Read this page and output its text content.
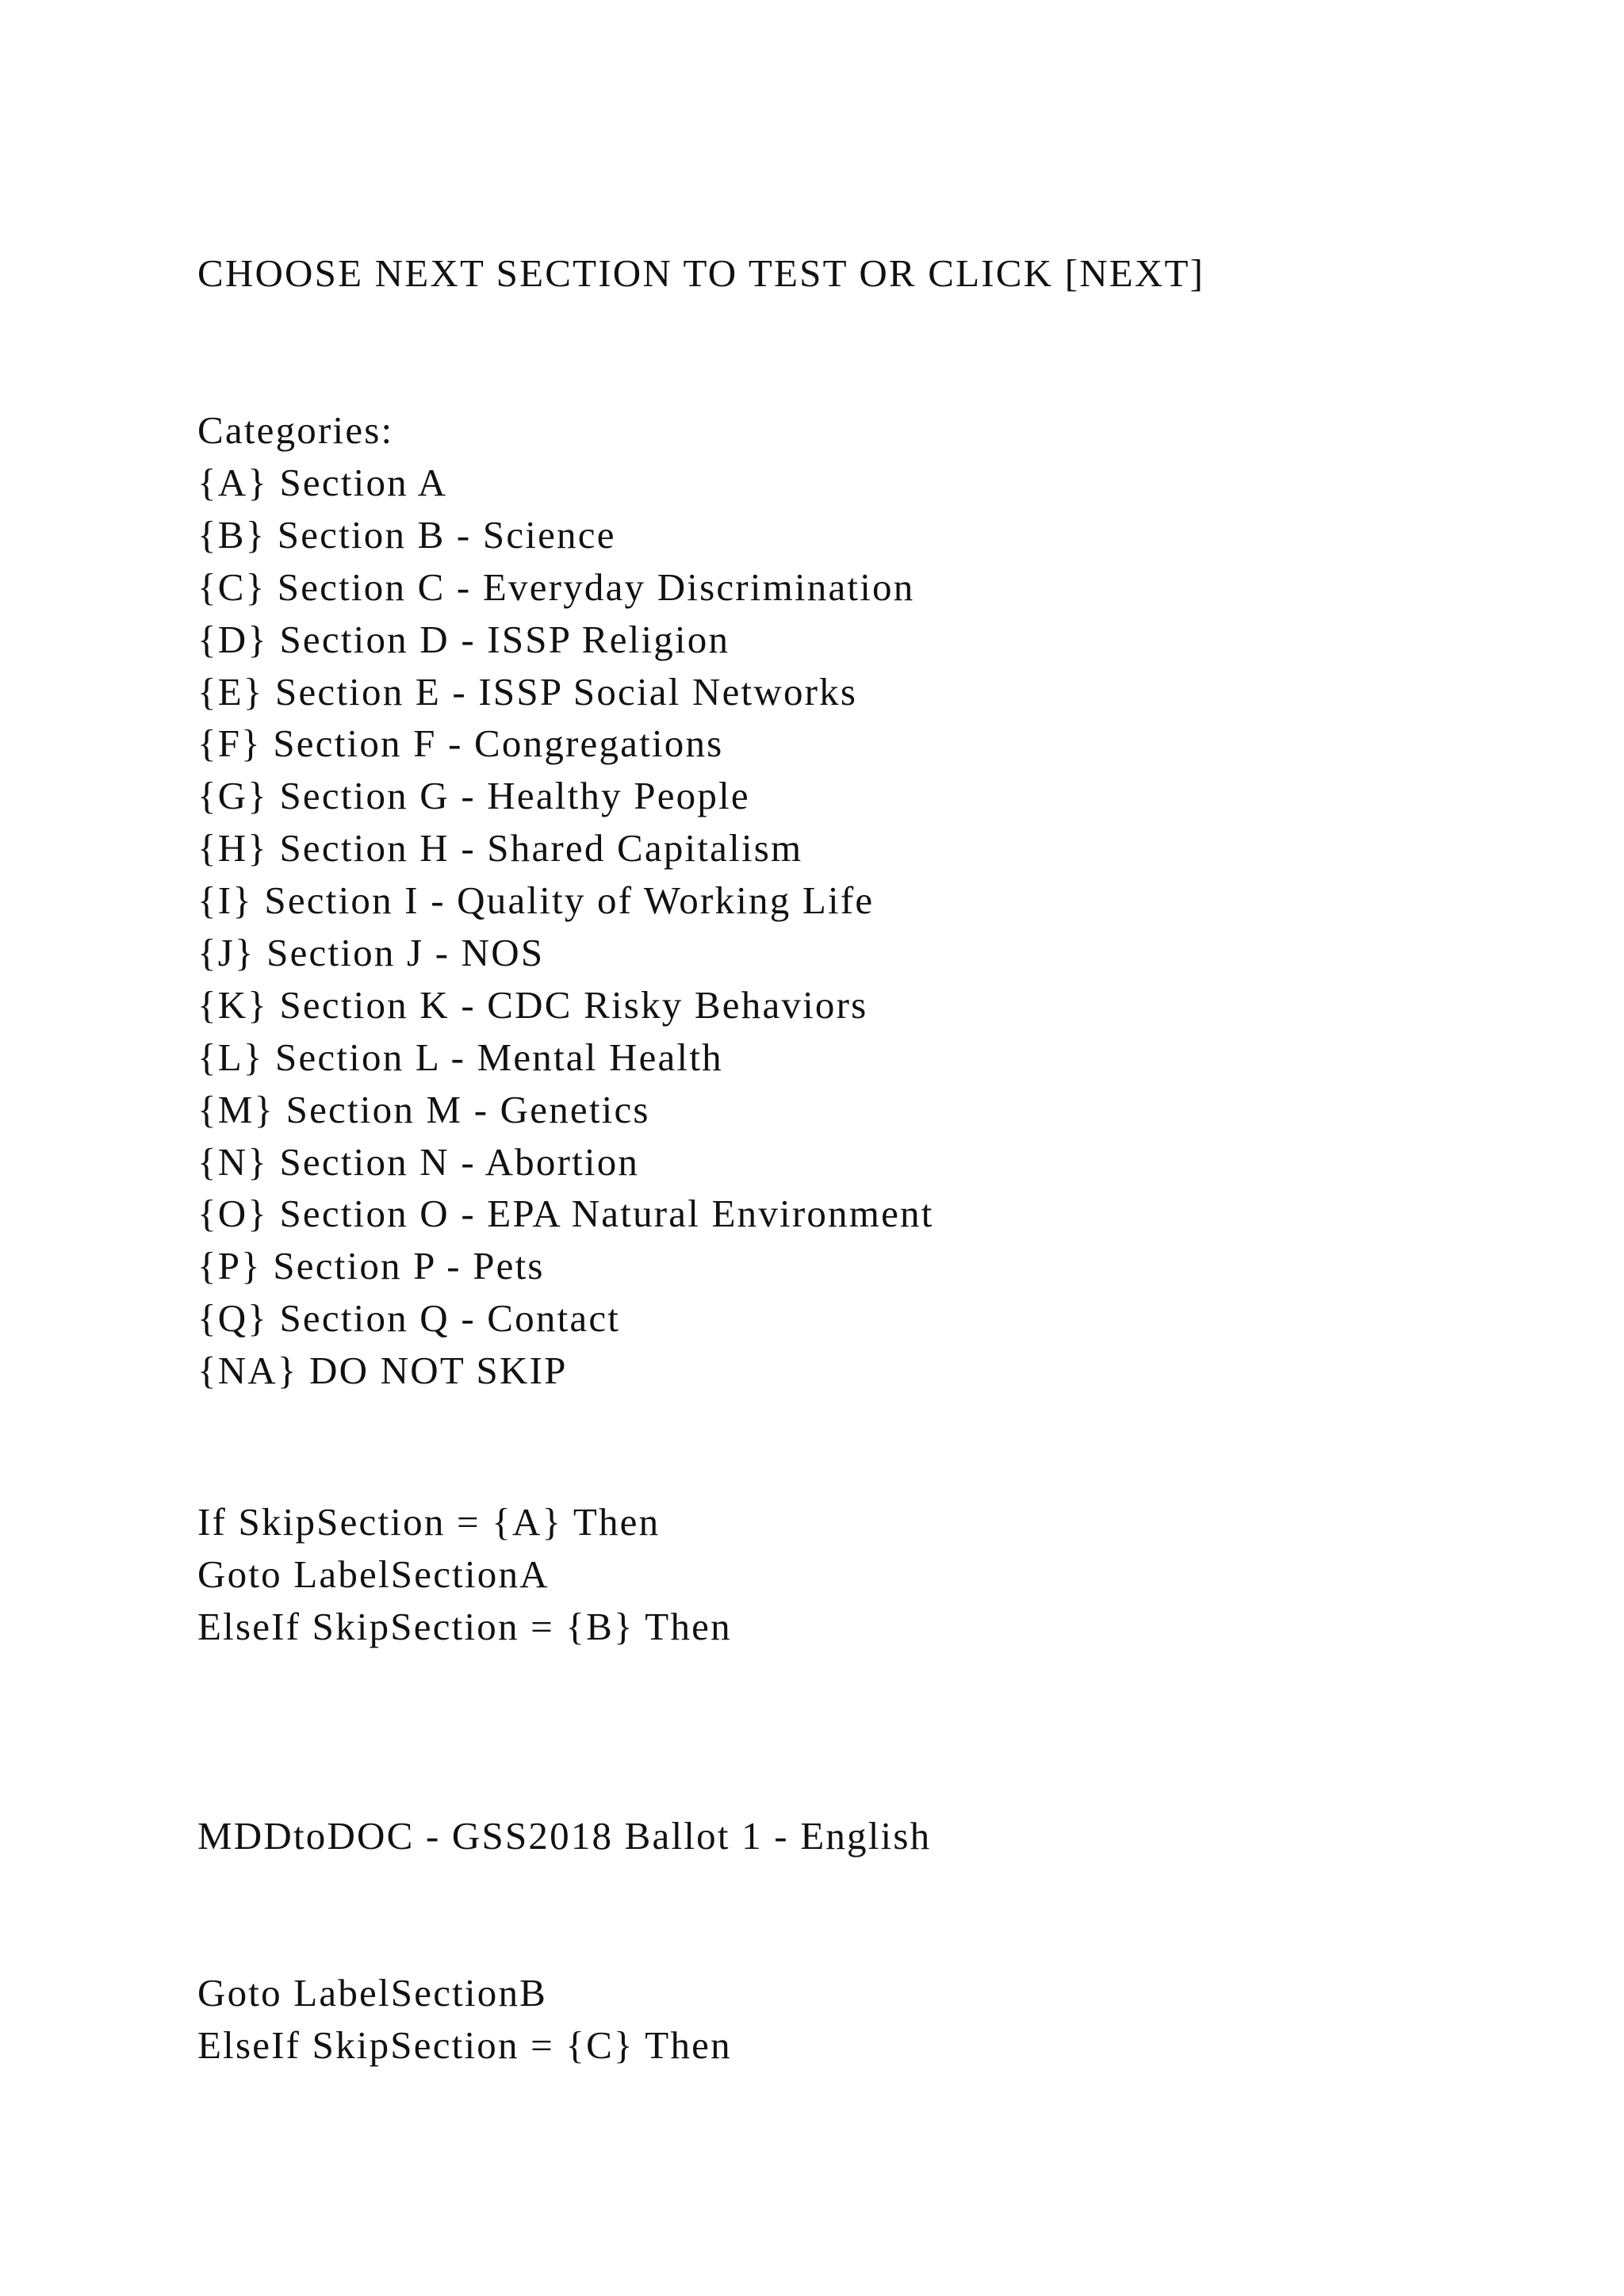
CHOOSE NEXT SECTION TO TEST OR CLICK [NEXT]

Categories:

{A} Section A
{B} Section B - Science
{C} Section C - Everyday Discrimination
{D} Section D - ISSP Religion
{E} Section E - ISSP Social Networks
{F} Section F - Congregations
{G} Section G - Healthy People
{H} Section H - Shared Capitalism
{I} Section I - Quality of Working Life
{J} Section J - NOS
{K} Section K - CDC Risky Behaviors
{L} Section L - Mental Health
{M} Section M - Genetics
{N} Section N - Abortion
{O} Section O - EPA Natural Environment
{P} Section P - Pets
{Q} Section Q - Contact
{NA} DO NOT SKIP
If SkipSection = {A} Then
Goto LabelSectionA
ElseIf SkipSection = {B} Then

MDDtoDOC - GSS2018 Ballot 1 - English

Goto LabelSectionB
ElseIf SkipSection = {C} Then
